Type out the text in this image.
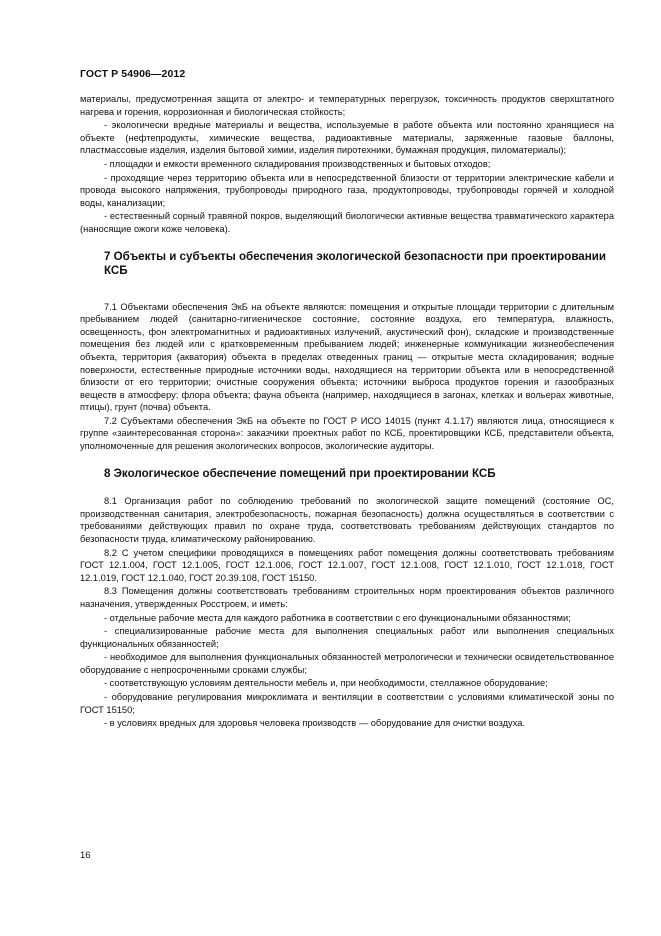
ГОСТ Р 54906—2012

материалы, предусмотренная защита от электро- и температурных перегрузок, токсичность продуктов сверхштатного нагрева и горения, коррозионная и биологическая стойкость;

- экологически вредные материалы и вещества, используемые в работе объекта или постоянно хранящиеся на объекте (нефтепродукты, химические вещества, радиоактивные материалы, заряженные газовые баллоны, пластмассовые изделия, изделия бытовой химии, изделия пиротехники, бумажная продукция, пиломатериалы);

- площадки и емкости временного складирования производственных и бытовых отходов;

- проходящие через территорию объекта или в непосредственной близости от территории электрические кабели и провода высокого напряжения, трубопроводы природного газа, продуктопроводы, трубопроводы горячей и холодной воды, канализации;

- естественный сорный травяной покров, выделяющий биологически активные вещества травматического характера (наносящие ожоги коже человека).

7 Объекты и субъекты обеспечения экологической безопасности при проектировании КСБ

7.1 Объектами обеспечения ЭкБ на объекте являются: помещения и открытые площади территории с длительным пребыванием людей (санитарно-гигиеническое состояние, состояние воздуха, его температура, влажность, освещенность, фон электромагнитных и радиоактивных излучений, акустический фон), складские и производственные помещения без людей или с кратковременным пребыванием людей; инженерные коммуникации жизнеобеспечения объекта, территория (акватория) объекта в пределах отведенных границ — открытые места складирования; водные поверхности, естественные природные источники воды, находящиеся на территории объекта или в непосредственной близости от его территории; очистные сооружения объекта; источники выброса продуктов горения и газообразных веществ в атмосферу; флора объекта; фауна объекта (например, находящиеся в загонах, клетках и вольерах животные, птицы), грунт (почва) объекта.

7.2 Субъектами обеспечения ЭкБ на объекте по ГОСТ Р ИСО 14015 (пункт 4.1.17) являются лица, относящиеся к группе «заинтересованная сторона»: заказчики проектных работ по КСБ, проектировщики КСБ, представители объекта, уполномоченные для решения экологических вопросов, экологические аудиторы.

8 Экологическое обеспечение помещений при проектировании КСБ

8.1 Организация работ по соблюдению требований по экологической защите помещений (состояние ОС, производственная санитария, электробезопасность, пожарная безопасность) должна осуществляться в соответствии с требованиями действующих правил по охране труда, соответствовать требованиям действующих стандартов по безопасности труда, климатическому районированию.

8.2 С учетом специфики проводящихся в помещениях работ помещения должны соответствовать требованиям ГОСТ 12.1.004, ГОСТ 12.1.005, ГОСТ 12.1.006, ГОСТ 12.1.007, ГОСТ 12.1.008, ГОСТ 12.1.010, ГОСТ 12.1.018, ГОСТ 12.1.019, ГОСТ 12.1.040, ГОСТ 20.39.108, ГОСТ 15150.

8.3 Помещения должны соответствовать требованиям строительных норм проектирования объектов различного назначения, утвержденных Росстроем, и иметь:

- отдельные рабочие места для каждого работника в соответствии с его функциональными обязанностями;

- специализированные рабочие места для выполнения специальных работ или выполнения специальных функциональных обязанностей;

- необходимое для выполнения функциональных обязанностей метрологически и технически освидетельствованное оборудование с непросроченными сроками службы;

- соответствующую условиям деятельности мебель и, при необходимости, стеллажное оборудование;

- оборудование регулирования микроклимата и вентиляции в соответствии с условиями климатической зоны по ГОСТ 15150;

- в условиях вредных для здоровья человека производств — оборудование для очистки воздуха.

16
